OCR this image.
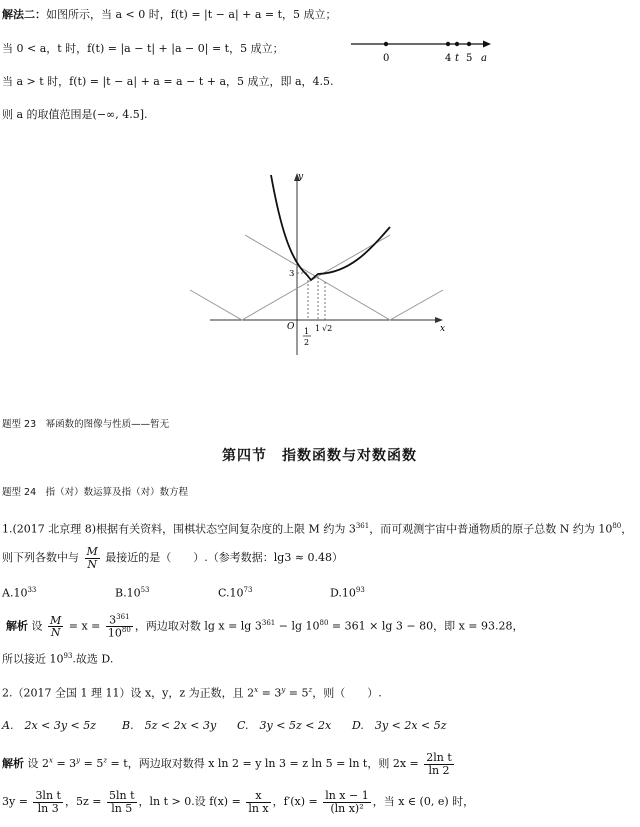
解法二：如图所示，当 a < 0 时，f(t) = |t − a| + a = t，5 成立；
当 0 < a，t 时，f(t) = |a − t| + |a − 0| = t，5 成立；
当 a > t 时，f(t) = |t − a| + a = a − t + a，5 成立，即 a，4.5.
则 a 的取值范围是(−∞, 4.5].
0	4 t 5 a
y
x
O
3
1
2
1 √2
题型 23　幂函数的图像与性质——暂无
第四节　指数函数与对数函数
题型 24　指（对）数运算及指（对）数方程
1.(2017 北京理 8)根据有关资料，围棋状态空间复杂度的上限 M 约为 $3^{361}$，而可观测宇宙中普通物质的原子总数 N 约为 $10^{80}$，
则下列各数中与 $\frac{M}{N}$ 最接近的是（　　）.（参考数据：lg3 ≈ 0.48）
$A.10^{33}$	$B.10^{53}$	$C.10^{73}$	$D.10^{93}$
解析 设 $\frac{M}{N} = x = \frac{3^{361}}{10^{80}}$ ，两边取对数 $\lg x = \lg 3^{361} - \lg 10^{80} = 361 \times \lg 3 - 80$，即 x = 93.28，
所以接近 $10^{93}$.故选 D.
2.（2017 全国 1 理 11）设 x，y，z 为正数，且 $2^x = 3^y = 5^z$，则（　　）.
A.　2x < 3y < 5z B.　5z < 2x < 3y C.　3y < 5z < 2x D.　3y < 2x < 5z
解析 设 $2^x = 3^y = 5^z = t$，两边取对数得 x ln 2 = y ln 3 = z ln 5 = ln t，则 $2x = \frac{\text{2ln t}}{\ln 2}$
$3y = \frac{\text{3ln t}}{\ln 3}$ ，$5z = \frac{\text{5ln t}}{\ln 5}$ ，ln t > 0.设 $f(x) = \frac{x}{\text{ln x}}$ ，$f'(x) = \frac{\text{ln x − 1}}{\text{(ln x)²}}$ ，当 x ∈ (0, e) 时，
